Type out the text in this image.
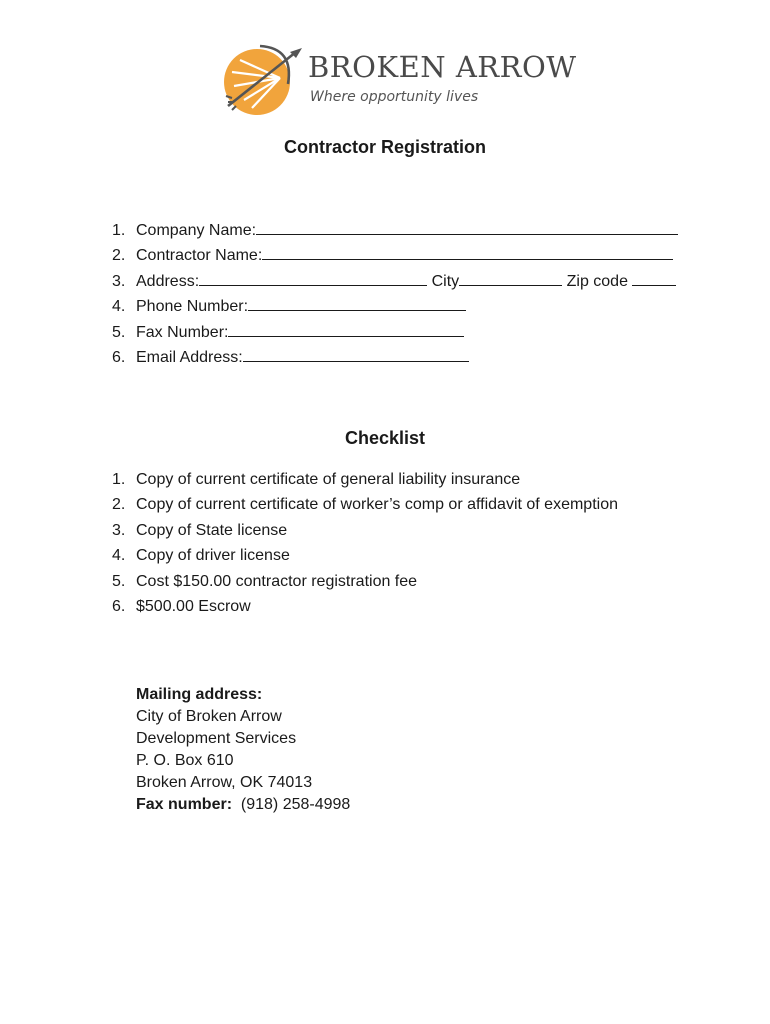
BROKEN ARROW
Where opportunity lives
Contractor Registration
1. Company Name:
2. Contractor Name:
3. Address:	City	Zip code
4. Phone Number:
5. Fax Number:
6. Email Address:
Checklist
1. Copy of current certificate of general liability insurance
2. Copy of current certificate of worker’s comp or affidavit of exemption
3. Copy of State license
4. Copy of driver license
5. Cost $150.00 contractor registration fee
6. $500.00 Escrow
Mailing address:
City of Broken Arrow
Development Services
P. O. Box 610
Broken Arrow, OK 74013
Fax number: (918) 258-4998
